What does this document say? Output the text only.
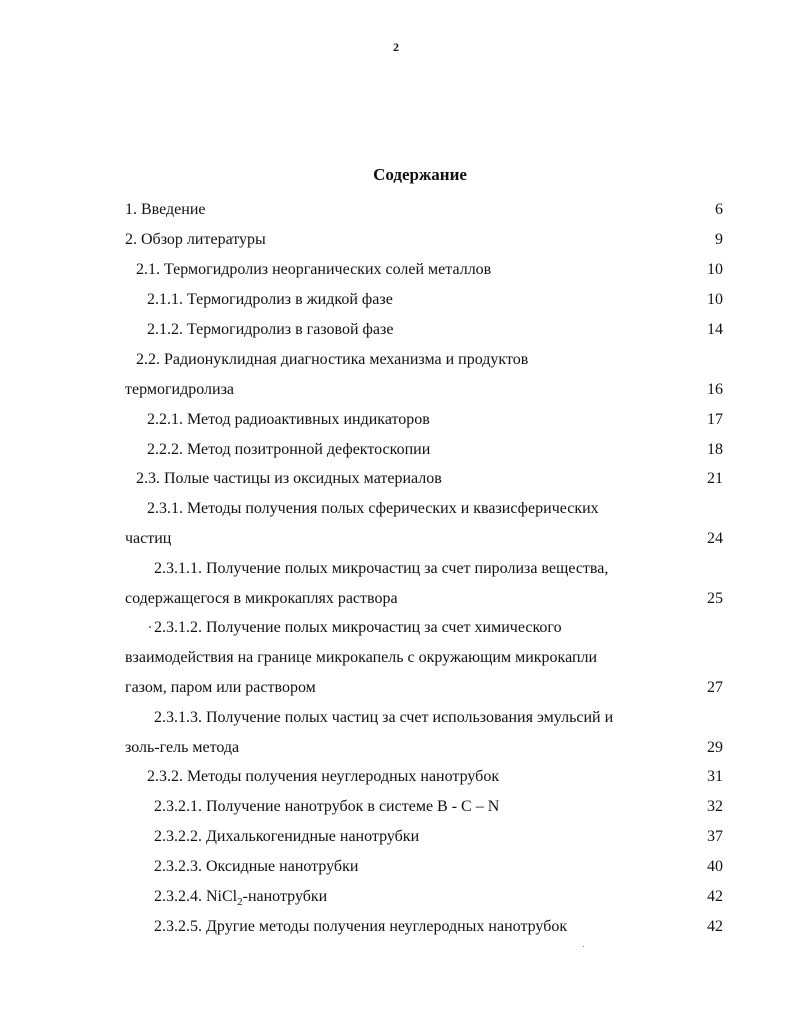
2
Содержание
1. Введение	6
2. Обзор литературы	9
2.1. Термогидролиз неорганических солей металлов	10
2.1.1. Термогидролиз в жидкой фазе	10
2.1.2. Термогидролиз в газовой фазе	14
2.2. Радионуклидная диагностика механизма и продуктов
термогидролиза	16
2.2.1. Метод радиоактивных индикаторов	17
2.2.2. Метод позитронной дефектоскопии	18
2.3. Полые частицы из оксидных материалов	21
2.3.1. Методы получения полых сферических и квазисферических
частиц	24
2.3.1.1. Получение полых микрочастиц за счет пиролиза вещества,
содержащегося в микрокаплях раствора	25
2.3.1.2. Получение полых микрочастиц за счет химического
взаимодействия на границе микрокапель с окружающим микрокапли
газом, паром или раствором	27
2.3.1.3. Получение полых частиц за счет использования эмульсий и
золь-гель метода	29
2.3.2. Методы получения неуглеродных нанотрубок	31
2.3.2.1. Получение нанотрубок в системе B - C – N	32
2.3.2.2. Дихалькогенидные нанотрубки	37
2.3.2.3. Оксидные нанотрубки	40
2.3.2.4. NiCl$_2$-нанотрубки	42
2.3.2.5. Другие методы получения неуглеродных нанотрубок	42
